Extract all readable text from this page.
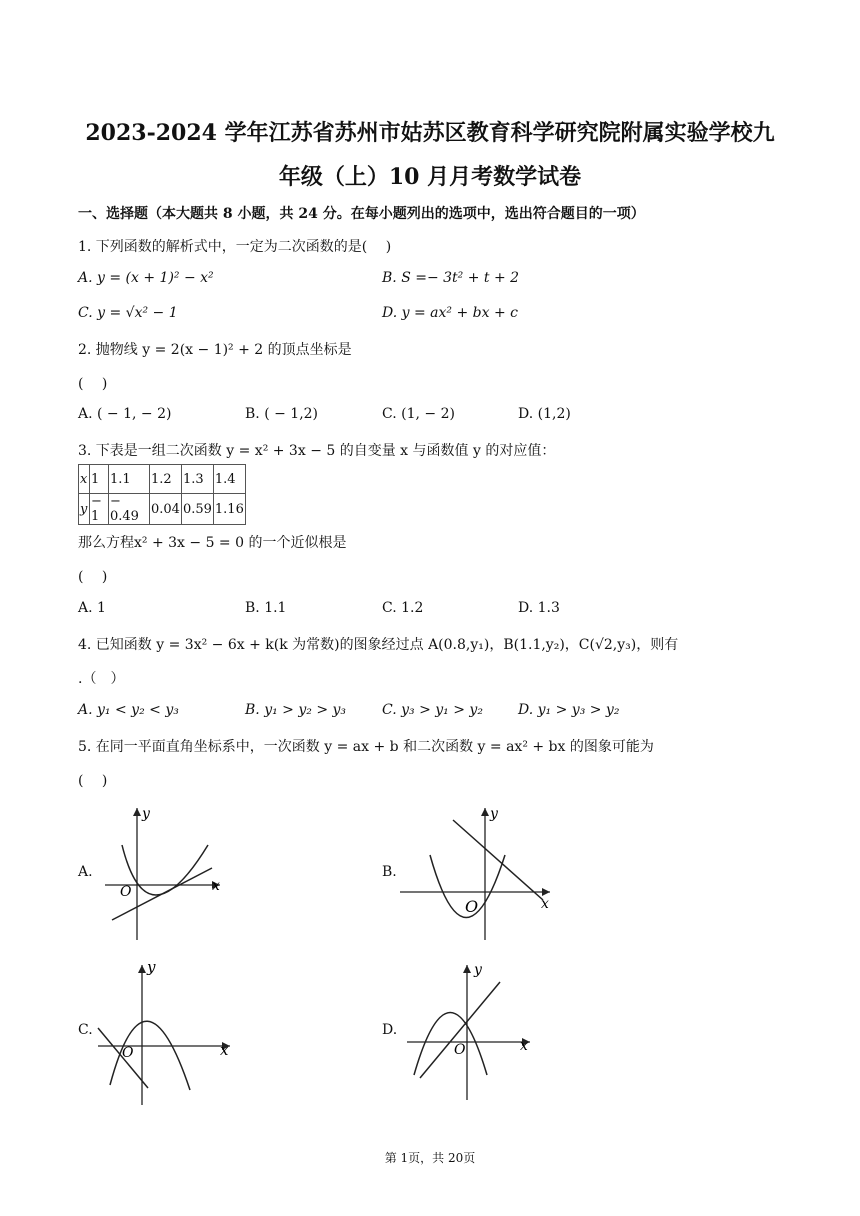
2023-2024 学年江苏省苏州市姑苏区教育科学研究院附属实验学校九
年级（上）10 月月考数学试卷
一、选择题（本大题共 8 小题，共 24 分。在每小题列出的选项中，选出符合题目的一项）
1. 下列函数的解析式中，一定为二次函数的是(　 )
A. y = (x + 1)² − x²	B. S =− 3t² + t + 2
C. y = √x² − 1	D. y = ax² + bx + c
2. 抛物线 y = 2(x − 1)² + 2 的顶点坐标是
(　 )
A. ( − 1, − 2)	B. ( − 1,2)	C. (1, − 2)	D. (1,2)
3. 下表是一组二次函数 y = x² + 3x − 5 的自变量 x 与函数值 y 的对应值：
x	1	1.1	1.2	1.3	1.4
y	− 1	− 0.49	0.04	0.59	1.16
那么方程x² + 3x − 5 = 0 的一个近似根是
(　 )
A. 1	B. 1.1	C. 1.2	D. 1.3
4. 已知函数 y = 3x² − 6x + k(k 为常数)的图象经过点 A(0.8,y₁)，B(1.1,y₂)，C(√2,y₃)，则有
.（　）
A. y₁ < y₂ < y₃	B. y₁ > y₂ > y₃	C. y₃ > y₁ > y₂	D. y₁ > y₃ > y₂
5. 在同一平面直角坐标系中，一次函数 y = ax + b 和二次函数 y = ax² + bx 的图象可能为
(　 )
A.	B.
C.	D.
x
y
O
x
y
O
x
y
O	x
y
O
第 1页，共 20页
